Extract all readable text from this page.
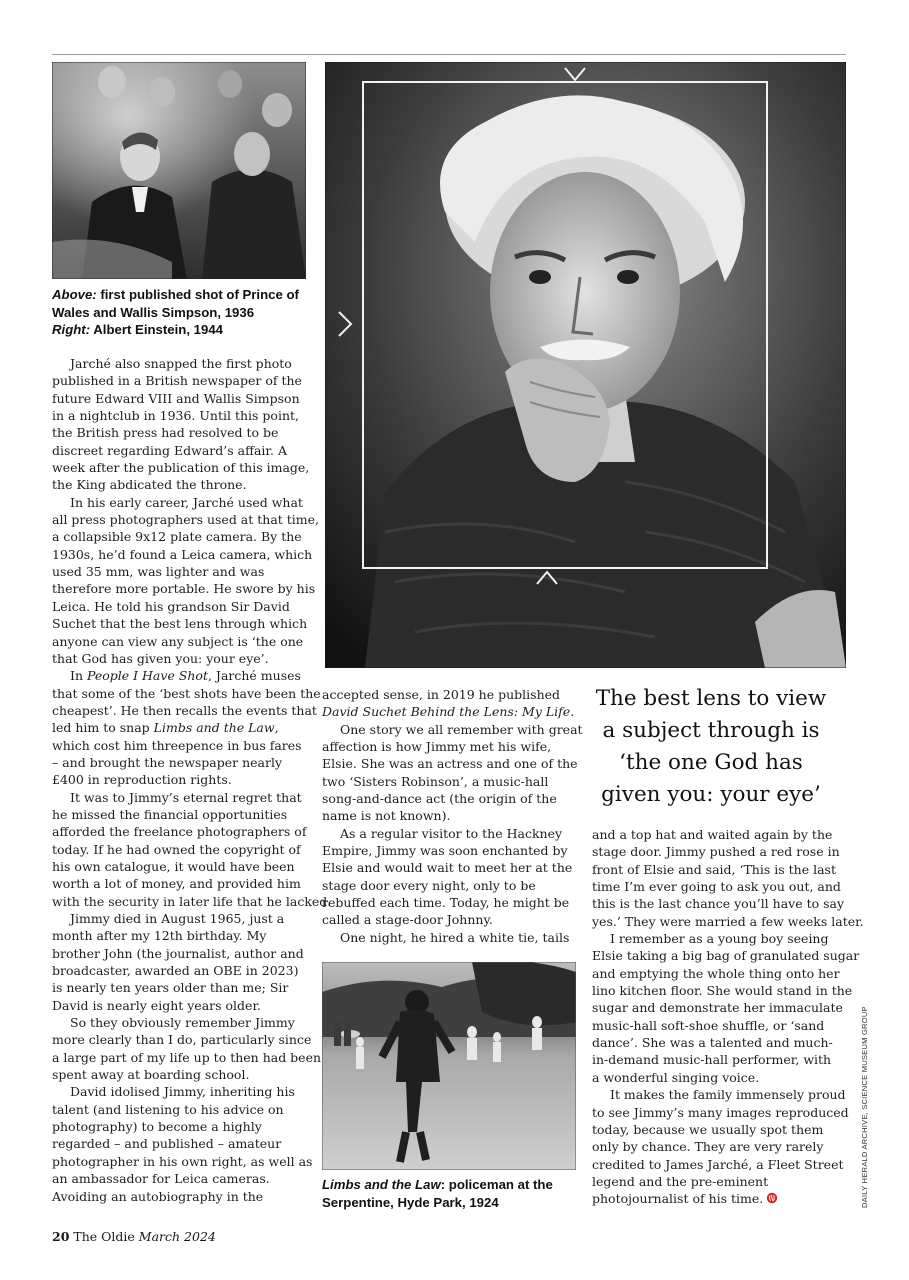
Above: first published shot of Prince of
Wales and Wallis Simpson, 1936
Right: Albert Einstein, 1944

Jarché also snapped the first photo
published in a British newspaper of the
future Edward VIII and Wallis Simpson
in a nightclub in 1936. Until this point,
the British press had resolved to be
discreet regarding Edward’s affair. A
week after the publication of this image,
the King abdicated the throne.

In his early career, Jarché used what
all press photographers used at that time,
a collapsible 9x12 plate camera. By the
1930s, he’d found a Leica camera, which
used 35 mm, was lighter and was
therefore more portable. He swore by his
Leica. He told his grandson Sir David
Suchet that the best lens through which
anyone can view any subject is ‘the one
that God has given you: your eye’.

In People I Have Shot, Jarché muses
that some of the ‘best shots have been the
cheapest’. He then recalls the events that
led him to snap Limbs and the Law,
which cost him threepence in bus fares
– and brought the newspaper nearly
£400 in reproduction rights.

It was to Jimmy’s eternal regret that
he missed the financial opportunities
afforded the freelance photographers of
today. If he had owned the copyright of
his own catalogue, it would have been
worth a lot of money, and provided him
with the security in later life that he lacked.

Jimmy died in August 1965, just a
month after my 12th birthday. My
brother John (the journalist, author and
broadcaster, awarded an OBE in 2023)
is nearly ten years older than me; Sir
David is nearly eight years older.

So they obviously remember Jimmy
more clearly than I do, particularly since
a large part of my life up to then had been
spent away at boarding school.

David idolised Jimmy, inheriting his
talent (and listening to his advice on
photography) to become a highly
regarded – and published – amateur
photographer in his own right, as well as
an ambassador for Leica cameras.
Avoiding an autobiography in the

accepted sense, in 2019 he published
David Suchet Behind the Lens: My Life.

One story we all remember with great
affection is how Jimmy met his wife,
Elsie. She was an actress and one of the
two ‘Sisters Robinson’, a music-hall
song-and-dance act (the origin of the
name is not known).

As a regular visitor to the Hackney
Empire, Jimmy was soon enchanted by
Elsie and would wait to meet her at the
stage door every night, only to be
rebuffed each time. Today, he might be
called a stage-door Johnny.

One night, he hired a white tie, tails

The best lens to view
a subject through is
‘the one God has
given you: your eye’

and a top hat and waited again by the
stage door. Jimmy pushed a red rose in
front of Elsie and said, ‘This is the last
time I’m ever going to ask you out, and
this is the last chance you’ll have to say
yes.’ They were married a few weeks later.

I remember as a young boy seeing
Elsie taking a big bag of granulated sugar
and emptying the whole thing onto her
lino kitchen floor. She would stand in the
sugar and demonstrate her immaculate
music-hall soft-shoe shuffle, or ‘sand
dance’. She was a talented and much-
in-demand music-hall performer, with
a wonderful singing voice.

It makes the family immensely proud
to see Jimmy’s many images reproduced
today, because we usually spot them
only by chance. They are very rarely
credited to James Jarché, a Fleet Street
legend and the pre-eminent
photojournalist of his time.

Limbs and the Law: policeman at the
Serpentine, Hyde Park, 1924	DAILY HERALD ARCHIVE, SCIENCE MUSEUM GROUP
20 The Oldie March 2024
